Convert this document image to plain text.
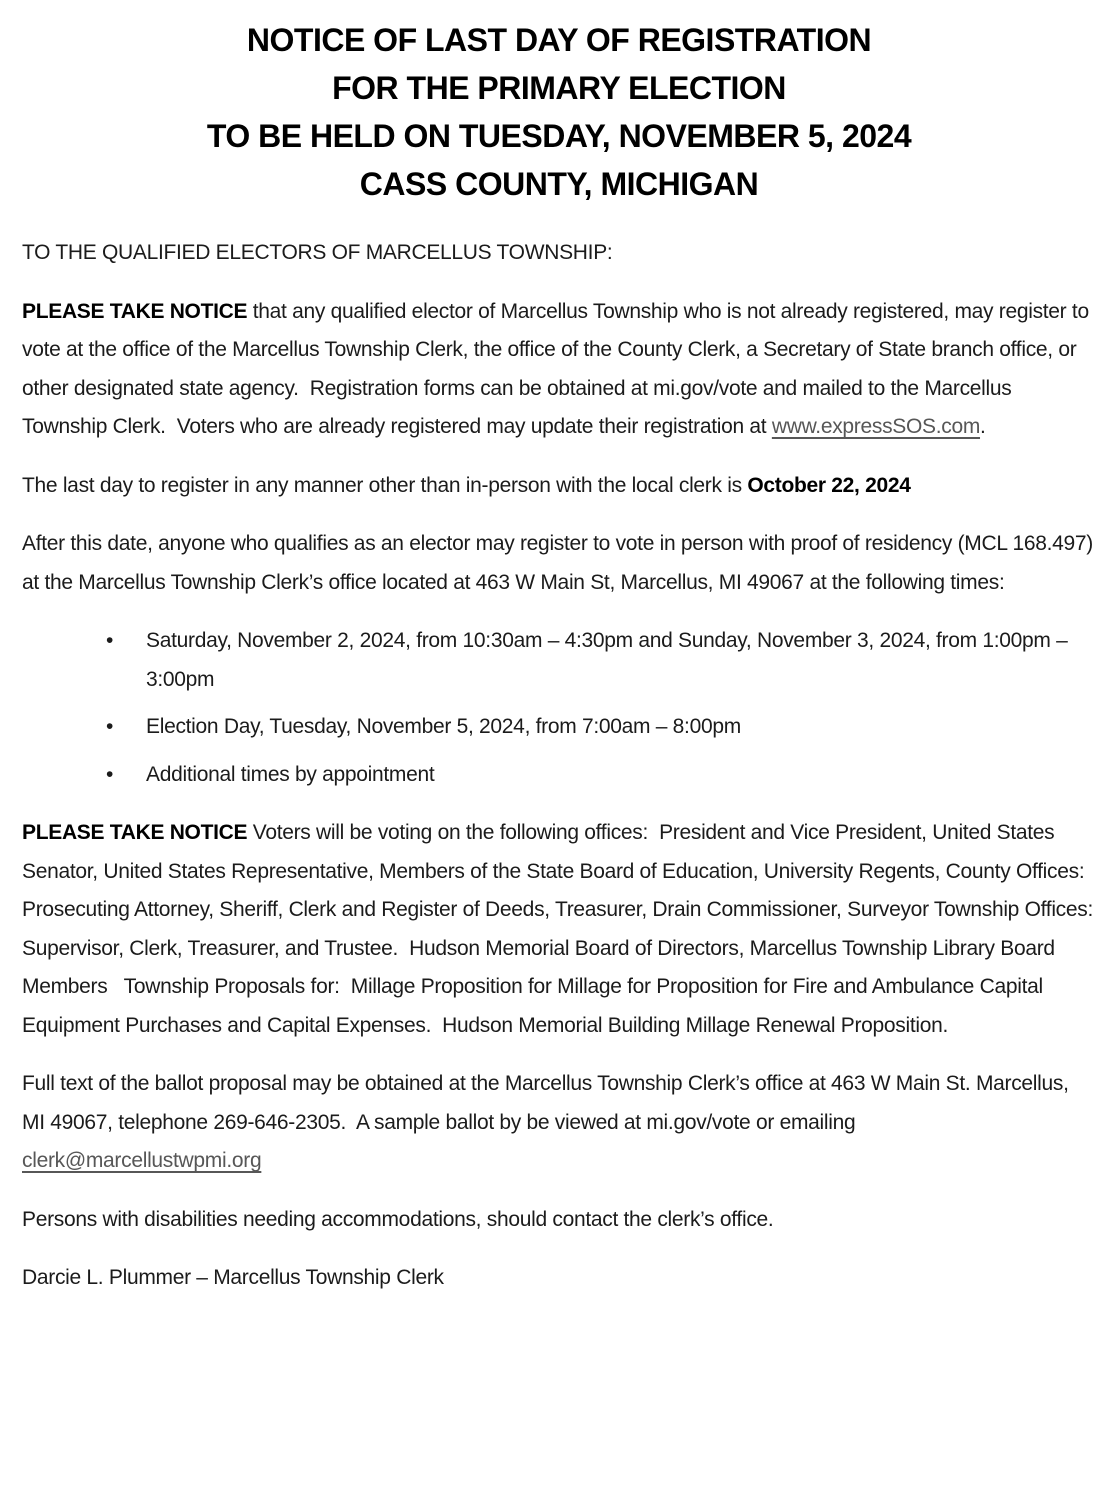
NOTICE OF LAST DAY OF REGISTRATION
FOR THE PRIMARY ELECTION
TO BE HELD ON TUESDAY, NOVEMBER 5, 2024
CASS COUNTY, MICHIGAN

TO THE QUALIFIED ELECTORS OF MARCELLUS TOWNSHIP:

PLEASE TAKE NOTICE that any qualified elector of Marcellus Township who is not already registered, may register to vote at the office of the Marcellus Township Clerk, the office of the County Clerk, a Secretary of State branch office, or other designated state agency.  Registration forms can be obtained at mi.gov/vote and mailed to the Marcellus Township Clerk.  Voters who are already registered may update their registration at www.expressSOS.com.

The last day to register in any manner other than in-person with the local clerk is October 22, 2024

After this date, anyone who qualifies as an elector may register to vote in person with proof of residency (MCL 168.497) at the Marcellus Township Clerk’s office located at 463 W Main St, Marcellus, MI 49067 at the following times:

• Saturday, November 2, 2024, from 10:30am – 4:30pm and Sunday, November 3, 2024, from 1:00pm – 3:00pm
• Election Day, Tuesday, November 5, 2024, from 7:00am – 8:00pm
• Additional times by appointment

PLEASE TAKE NOTICE Voters will be voting on the following offices:  President and Vice President, United States Senator, United States Representative, Members of the State Board of Education, University Regents, County Offices: Prosecuting Attorney, Sheriff, Clerk and Register of Deeds, Treasurer, Drain Commissioner, Surveyor Township Offices:  Supervisor, Clerk, Treasurer, and Trustee.  Hudson Memorial Board of Directors, Marcellus Township Library Board Members   Township Proposals for:  Millage Proposition for Millage for Proposition for Fire and Ambulance Capital Equipment Purchases and Capital Expenses.  Hudson Memorial Building Millage Renewal Proposition.

Full text of the ballot proposal may be obtained at the Marcellus Township Clerk’s office at 463 W Main St. Marcellus, MI 49067, telephone 269-646-2305.  A sample ballot by be viewed at mi.gov/vote or emailing clerk@marcellustwpmi.org

Persons with disabilities needing accommodations, should contact the clerk’s office.

Darcie L. Plummer – Marcellus Township Clerk
